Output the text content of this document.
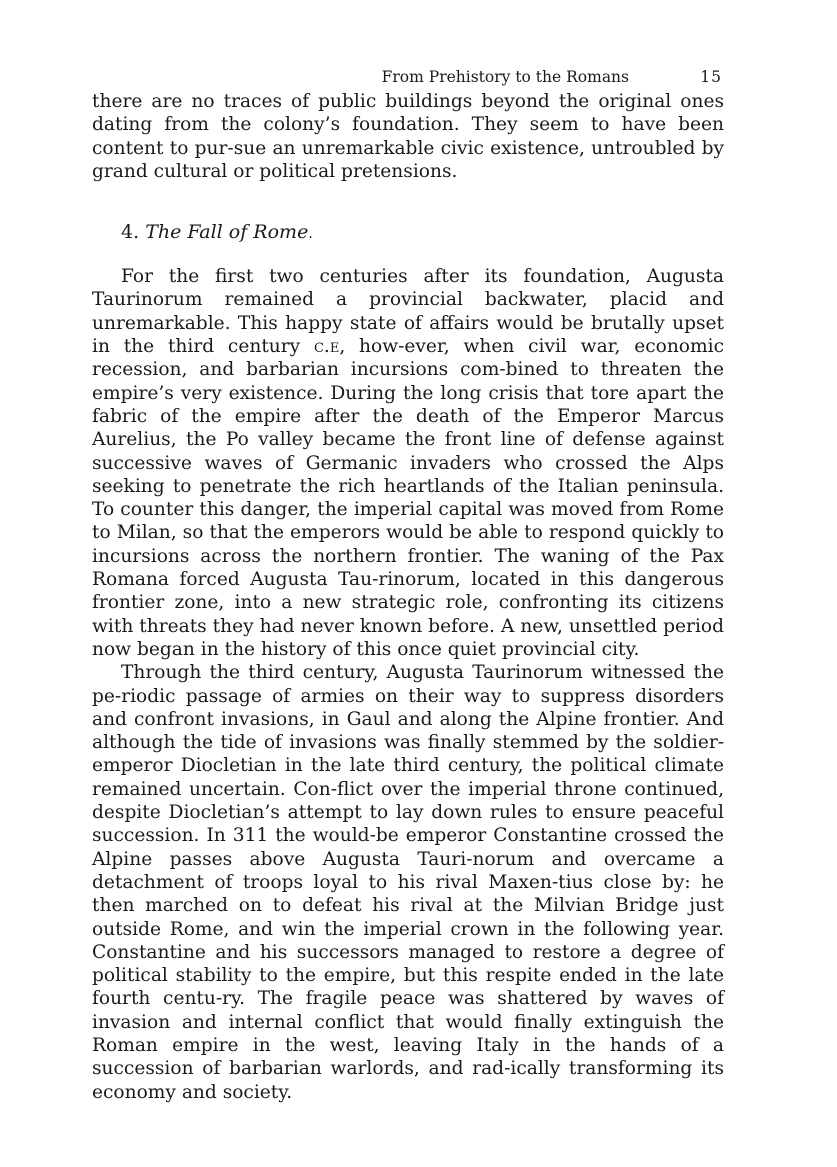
From Prehistory to the Romans	15

there are no traces of public buildings beyond the original ones dating from the colony’s foundation. They seem to have been content to pur-sue an unremarkable civic existence, untroubled by grand cultural or political pretensions.

4. The Fall of Rome.

For the first two centuries after its foundation, Augusta Taurinorum remained a provincial backwater, placid and unremarkable. This happy state of affairs would be brutally upset in the third century c.e, how-ever, when civil war, economic recession, and barbarian incursions com-bined to threaten the empire’s very existence. During the long crisis that tore apart the fabric of the empire after the death of the Emperor Marcus Aurelius, the Po valley became the front line of defense against successive waves of Germanic invaders who crossed the Alps seeking to penetrate the rich heartlands of the Italian peninsula. To counter this danger, the imperial capital was moved from Rome to Milan, so that the emperors would be able to respond quickly to incursions across the northern frontier. The waning of the Pax Romana forced Augusta Tau-rinorum, located in this dangerous frontier zone, into a new strategic role, confronting its citizens with threats they had never known before. A new, unsettled period now began in the history of this once quiet provincial city.

Through the third century, Augusta Taurinorum witnessed the pe-riodic passage of armies on their way to suppress disorders and confront invasions, in Gaul and along the Alpine frontier. And although the tide of invasions was finally stemmed by the soldier-emperor Diocletian in the late third century, the political climate remained uncertain. Con-flict over the imperial throne continued, despite Diocletian’s attempt to lay down rules to ensure peaceful succession. In 311 the would-be emperor Constantine crossed the Alpine passes above Augusta Tauri-norum and overcame a detachment of troops loyal to his rival Maxen-tius close by: he then marched on to defeat his rival at the Milvian Bridge just outside Rome, and win the imperial crown in the following year. Constantine and his successors managed to restore a degree of political stability to the empire, but this respite ended in the late fourth centu-ry. The fragile peace was shattered by waves of invasion and internal conflict that would finally extinguish the Roman empire in the west, leaving Italy in the hands of a succession of barbarian warlords, and rad-ically transforming its economy and society.
